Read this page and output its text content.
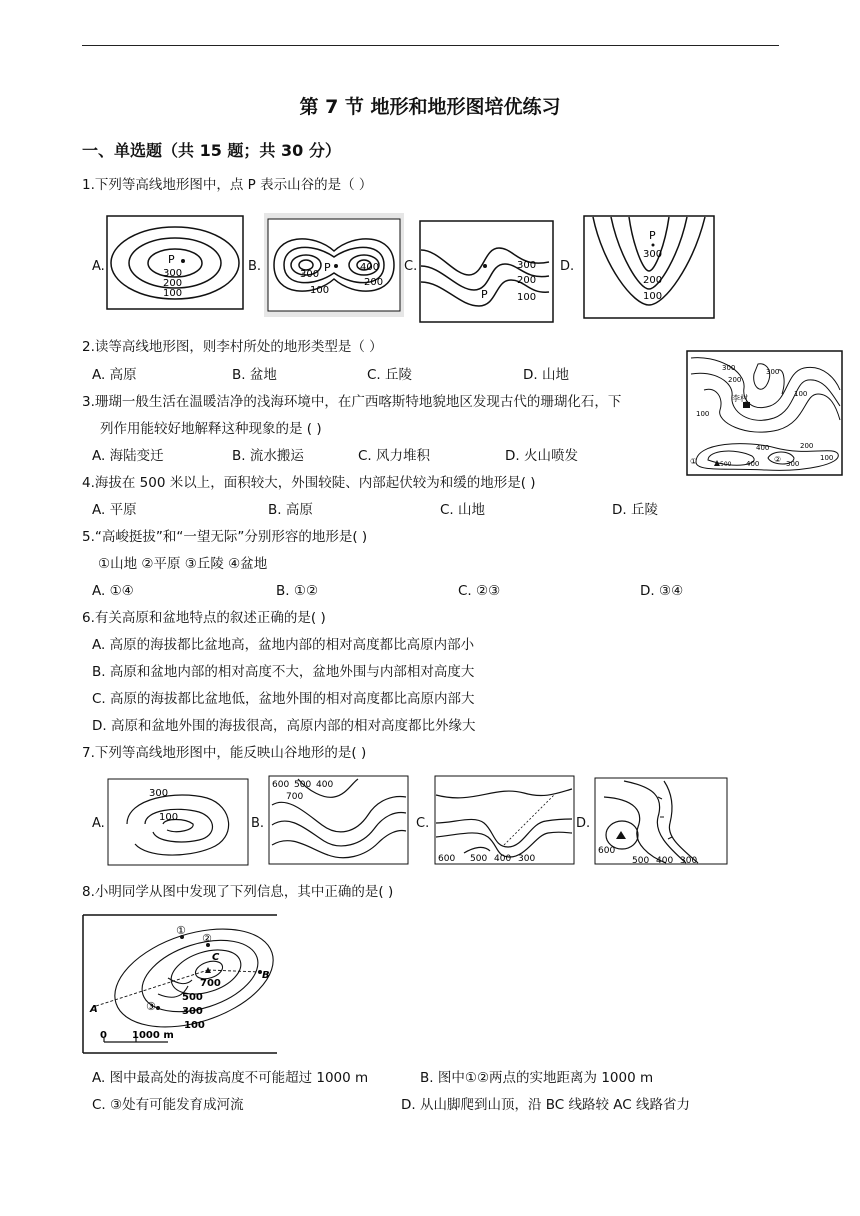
第 7 节 地形和地形图培优练习
一、单选题（共 15 题；共 30 分）
1.下列等高线地形图中，点 P 表示山谷的是（ ）
A.	B.	C.	D.
P
300
200
100
P
300
400
200
100	P
300
200
100
P
300
200
100
2.读等高线地形图，则李村所处的地形类型是（ ）
A. 高原	B. 盆地	C. 丘陵	D. 山地	300
200
300
100
李村
100
400	200
300
400
①	②	100
500
3.珊瑚一般生活在温暖洁净的浅海环境中，在广西喀斯特地貌地区发现古代的珊瑚化石，下
列作用能较好地解释这种现象的是 ( )
A. 海陆变迁	B. 流水搬运	C. 风力堆积	D. 火山喷发
4.海拔在 500 米以上，面积较大，外围较陡、内部起伏较为和缓的地形是( )
A. 平原	B. 高原	C. 山地	D. 丘陵
5.“高峻挺拔”和“一望无际”分别形容的地形是( )
①山地 ②平原 ③丘陵 ④盆地
A. ①④	B. ①②	C. ②③	D. ③④
6.有关高原和盆地特点的叙述正确的是( )
A. 高原的海拔都比盆地高，盆地内部的相对高度都比高原内部小
B. 高原和盆地内部的相对高度不大，盆地外围与内部相对高度大
C. 高原的海拔都比盆地低，盆地外围的相对高度都比高原内部大
D. 高原和盆地外围的海拔很高，高原内部的相对高度都比外缘大
7.下列等高线地形图中，能反映山谷地形的是( )
A.	B.	C.	D.
300
100
600 500 400
700
600 500 400 300
600
500 400 300
8.小明同学从图中发现了下列信息，其中正确的是( )
①
②
C
B
A	③
700
500
300
100
0	1000 m
A. 图中最高处的海拔高度不可能超过 1000 m	B. 图中①②两点的实地距离为 1000 m
C. ③处有可能发育成河流	D. 从山脚爬到山顶，沿 BC 线路较 AC 线路省力
